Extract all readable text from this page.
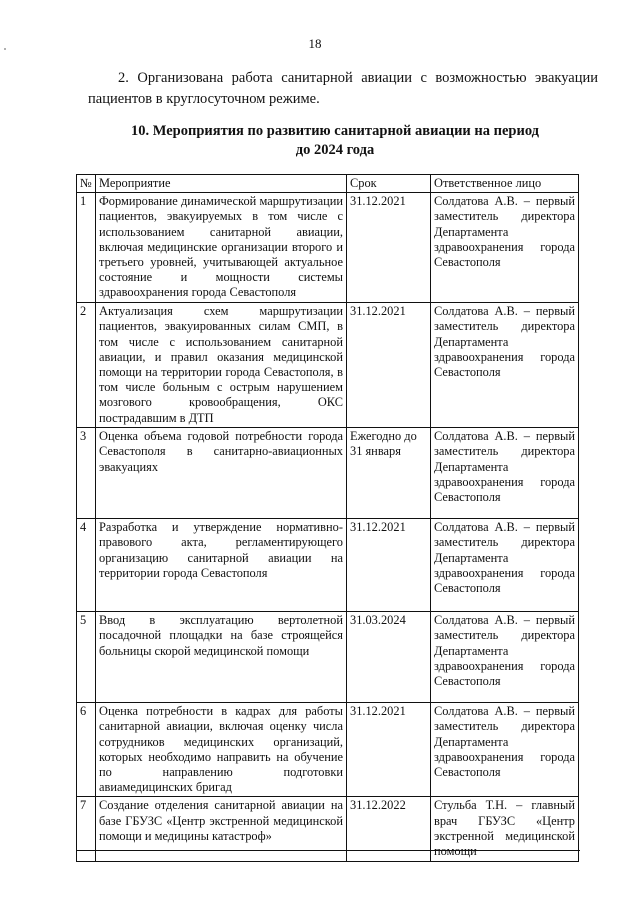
18

2. Организована работа санитарной авиации с возможностью эвакуации пациентов в круглосуточном режиме.

10. Мероприятия по развитию санитарной авиации на период
до 2024 года
№	Мероприятие	Срок	Ответственное лицо
1	Формирование динамической маршрутизации пациентов, эвакуируемых в том числе с использованием санитарной авиации, включая медицинские организации второго и третьего уровней, учитывающей актуальное состояние и мощности системы здравоохранения города Севастополя	31.12.2021	Солдатова А.В. – первый заместитель директора Департамента здравоохранения города Севастополя
2	Актуализация схем маршрутизации пациентов, эвакуированных силам СМП, в том числе с использованием санитарной авиации, и правил оказания медицинской помощи на территории города Севастополя, в том числе больным с острым нарушением мозгового кровообращения, ОКС пострадавшим в ДТП	31.12.2021	Солдатова А.В. – первый заместитель директора Департамента здравоохранения города Севастополя
3	Оценка объема годовой потребности города Севастополя в санитарно-авиационных эвакуациях	Ежегодно до 31 января	Солдатова А.В. – первый заместитель директора Департамента здравоохранения города Севастополя
4	Разработка и утверждение нормативно-правового акта, регламентирующего организацию санитарной авиации на территории города Севастополя	31.12.2021	Солдатова А.В. – первый заместитель директора Департамента здравоохранения города Севастополя
5	Ввод в эксплуатацию вертолетной посадочной площадки на базе строящейся больницы скорой медицинской помощи	31.03.2024	Солдатова А.В. – первый заместитель директора Департамента здравоохранения города Севастополя
6	Оценка потребности в кадрах для работы санитарной авиации, включая оценку числа сотрудников медицинских организаций, которых необходимо направить на обучение по направлению подготовки авиамедицинских бригад	31.12.2021	Солдатова А.В. – первый заместитель директора Департамента здравоохранения города Севастополя
7	Создание отделения санитарной авиации на базе ГБУЗС «Центр экстренной медицинской помощи и медицины катастроф»	31.12.2022	Стульба Т.Н. – главный врач ГБУЗС «Центр экстренной медицинской помощи
